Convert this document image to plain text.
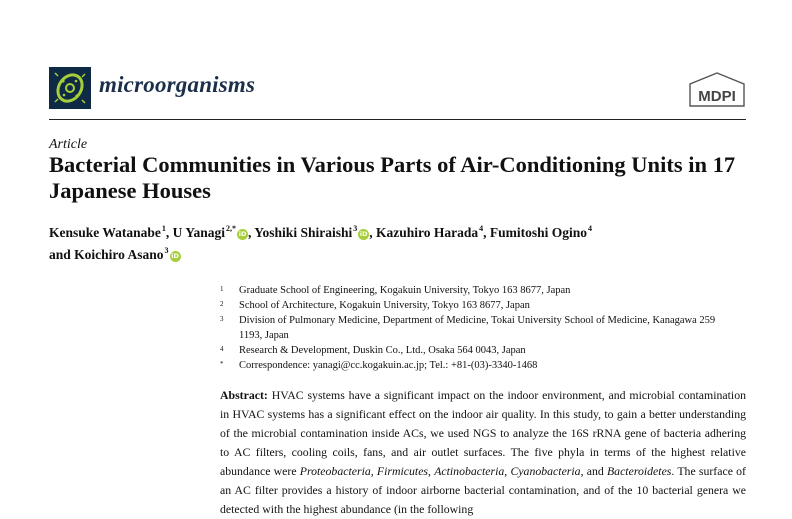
microorganisms	MDPI
Article
Bacterial Communities in Various Parts of Air-Conditioning Units in 17 Japanese Houses
Kensuke Watanabe$^1$, U Yanagi$^{2,*}$iD , Yoshiki Shiraishi$^3$iD , Kazuhiro Harada$^4$, Fumitoshi Ogino$^4$
and Koichiro Asano$^3$iD
1	Graduate School of Engineering, Kogakuin University, Tokyo 163 8677, Japan
2	School of Architecture, Kogakuin University, Tokyo 163 8677, Japan
3	Division of Pulmonary Medicine, Department of Medicine, Tokai University School of Medicine, Kanagawa 259 1193, Japan
4	Research & Development, Duskin Co., Ltd., Osaka 564 0043, Japan
*	Correspondence: yanagi@cc.kogakuin.ac.jp; Tel.: +81-(03)-3340-1468
Abstract: HVAC systems have a significant impact on the indoor environment, and microbial contamination in HVAC systems has a significant effect on the indoor air quality. In this study, to gain a better understanding of the microbial contamination inside ACs, we used NGS to analyze the 16S rRNA gene of bacteria adhering to AC filters, cooling coils, fans, and air outlet surfaces. The five phyla in terms of the highest relative abundance were Proteobacteria, Firmicutes, Actinobacteria, Cyanobacteria, and Bacteroidetes. The surface of an AC filter provides a history of indoor airborne bacterial contamination, and of the 10 bacterial genera we detected with the highest abundance (in the following
